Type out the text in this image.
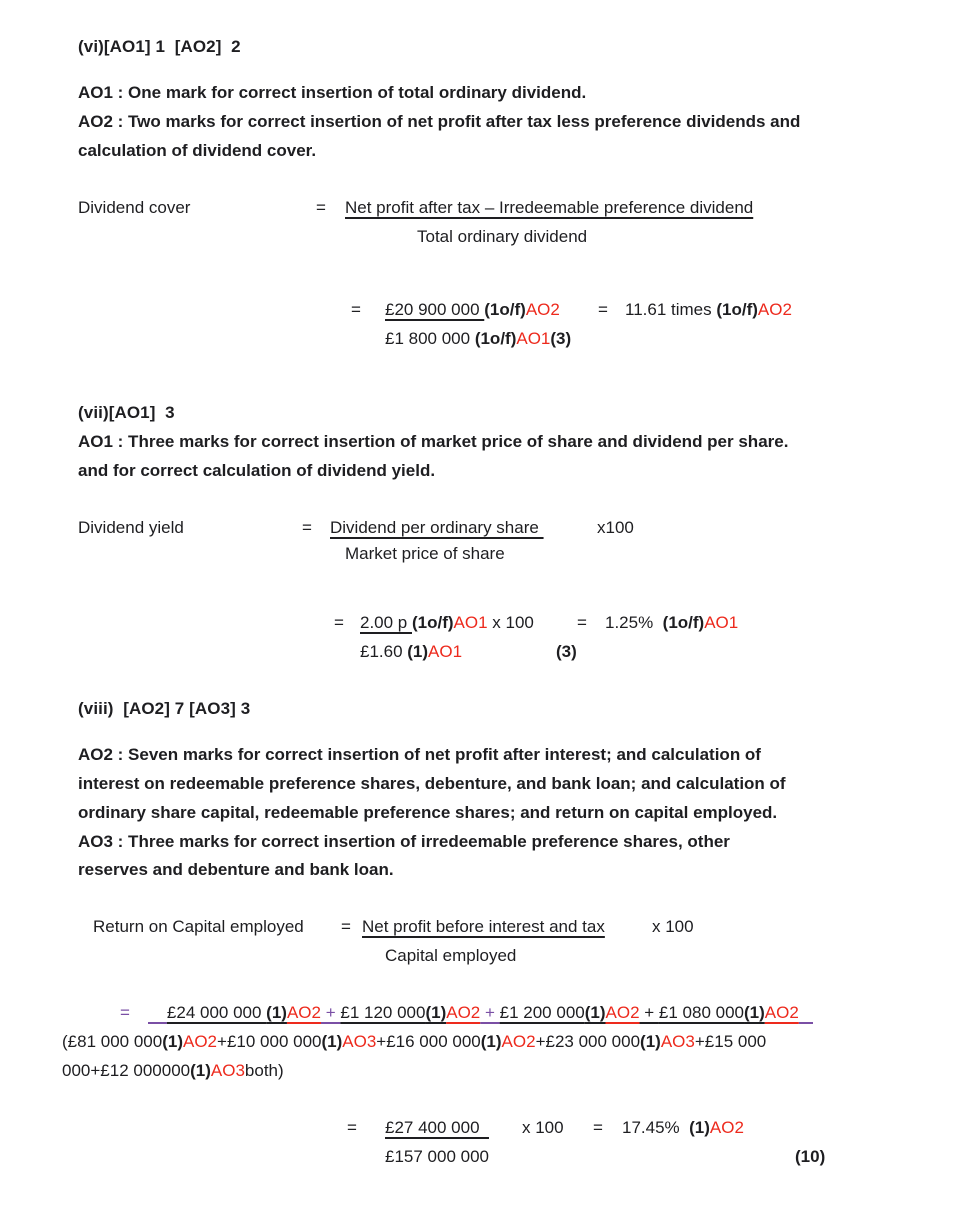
(vi)[AO1] 1  [AO2]  2
AO1 : One mark for correct insertion of total ordinary dividend.
AO2 : Two marks for correct insertion of net profit after tax less preference dividends and
calculation of dividend cover.
Dividend cover	= Net profit after tax – Irredeemable preference dividend
Total ordinary dividend
= £20 900 000 (1o/f)AO2 = 11.61 times (1o/f)AO2
£1 800 000 (1o/f)AO1(3)
(vii)[AO1]  3
AO1 : Three marks for correct insertion of market price of share and dividend per share.
and for correct calculation of dividend yield.
Dividend yield	= Dividend per ordinary share	x100
Market price of share
= 2.00 p (1o/f)AO1 x 100	= 1.25%  (1o/f)AO1
£1.60 (1)AO1	(3)
(viii)  [AO2] 7 [AO3] 3
AO2 : Seven marks for correct insertion of net profit after interest; and calculation of
interest on redeemable preference shares, debenture, and bank loan; and calculation of
ordinary share capital, redeemable preference shares; and return on capital employed.
AO3 : Three marks for correct insertion of irredeemable preference shares, other
reserves and debenture and bank loan.
Return on Capital employed = Net profit before interest and tax	x 100
Capital employed
=	£24 000 000 (1)AO2 + £1 120 000(1)AO2 + £1 200 000(1)AO2 + £1 080 000(1)AO2
(£81 000 000(1)AO2+£10 000 000(1)AO3+£16 000 000(1)AO2+£23 000 000(1)AO3+£15 000
000+£12 000000(1)AO3both)
= £27 400 000 x 100 = 17.45%  (1)AO2
£157 000 000	(10)
